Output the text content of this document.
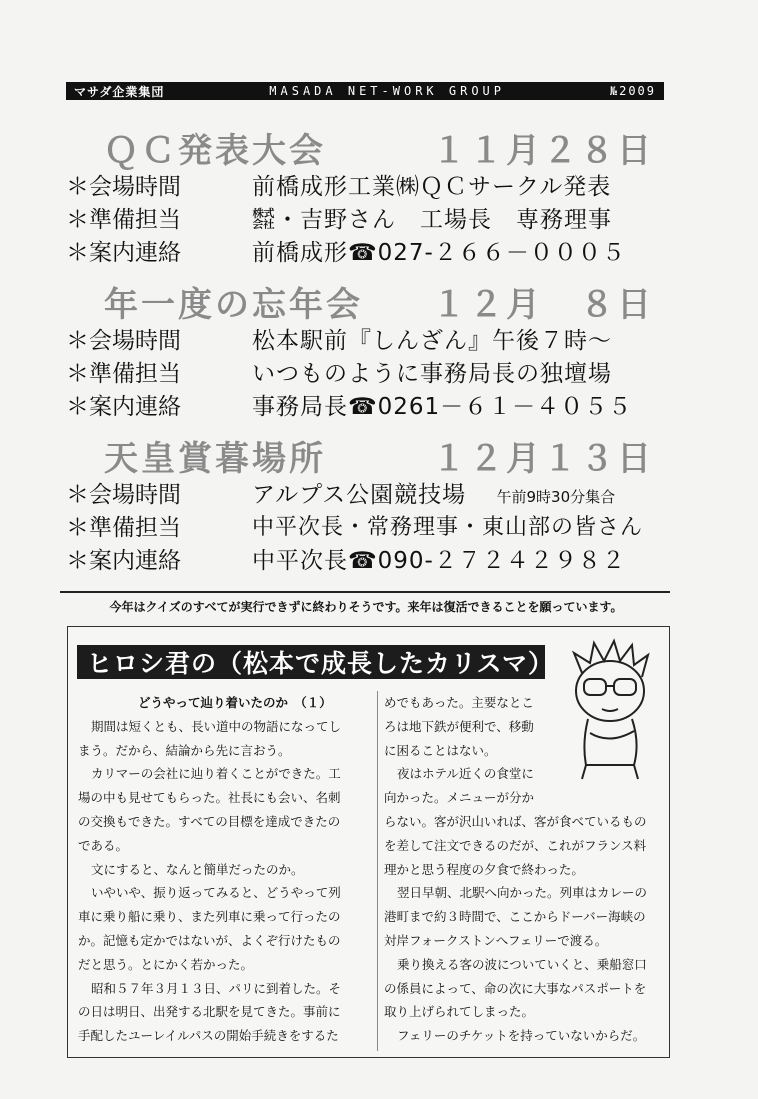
マサダ企業集団	MASADA NET-WORK GROUP	№2009
ＱＣ発表大会	１１月２８日
＊会場時間	前橋成形工業㈱ＱＣサークル発表
＊準備担当	㍿・吉野さん　工場長　専務理事
＊案内連絡	前橋成形☎027-２６６－０００５
年一度の忘年会 １２月　８日
＊会場時間	松本駅前『しんざん』午後７時～
＊準備担当	いつものように事務局長の独壇場
＊案内連絡	事務局長☎0261－６１－４０５５
天皇賞暮場所	１２月１３日
＊会場時間	アルプス公園競技場 午前9時30分集合
＊準備担当	中平次長・常務理事・東山部の皆さん
＊案内連絡	中平次長☎090-２７２４２９８２
今年はクイズのすべてが実行できずに終わりそうです。来年は復活できることを願っています。
ヒロシ君の（松本で成長したカリスマ）

どうやって辿り着いたのか　（１）

期間は短くとも、長い道中の物語になってし

まう。だから、結論から先に言おう。

カリマーの会社に辿り着くことができた。工

場の中も見せてもらった。社長にも会い、名刺

の交換もできた。すべての目標を達成できたの

である。

文にすると、なんと簡単だったのか。

いやいや、振り返ってみると、どうやって列

車に乗り船に乗り、また列車に乗って行ったの

か。記憶も定かではないが、よくぞ行けたもの

だと思う。とにかく若かった。

昭和５７年３月１３日、パリに到着した。そ

の日は明日、出発する北駅を見てきた。事前に

手配したユーレイルパスの開始手続きをするた

めでもあった。主要なとこ

ろは地下鉄が便利で、移動

に困ることはない。

夜はホテル近くの食堂に

向かった。メニューが分か

らない。客が沢山いれば、客が食べているもの

を差して注文できるのだが、これがフランス料

理かと思う程度の夕食で終わった。

翌日早朝、北駅へ向かった。列車はカレーの

港町まで約３時間で、ここからドーバー海峡の

対岸フォークストンへフェリーで渡る。

乗り換える客の波についていくと、乗船窓口

の係員によって、命の次に大事なパスポートを

取り上げられてしまった。

フェリーのチケットを持っていないからだ。
